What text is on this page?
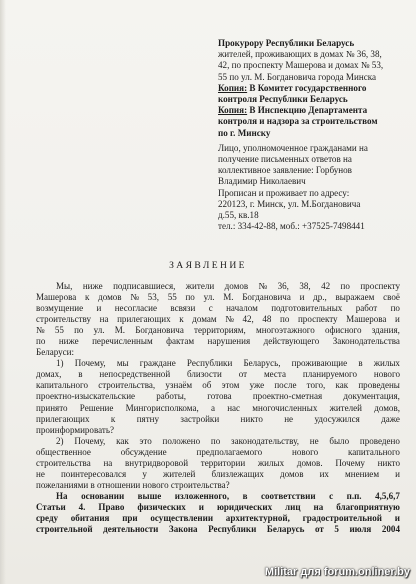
Прокурору Республики Беларусь
жителей, проживающих в домах № 36, 38,
42, по проспекту Машерова и домах № 53,
55 по ул. М. Богдановича города Минска
Копия: В Комитет государственного
контроля Республики Беларусь
Копия: В Инспекцию Департамента
контроля и надзора за строительством
по г. Минску
Лицо, уполномоченное гражданами на
получение письменных ответов на
коллективное заявление: Горбунов
Владимир Николаевич
Прописан и проживает по адресу:
220123, г. Минск, ул. М.Богдановича
д.55, кв.18
тел.: 334-42-88, моб.: +37525-7498441
ЗАЯВЛЕНИЕ
Мы, ниже подписавшиеся, жители домов № 36, 38, 42 по проспекту
Машерова к домов № 53, 55 по ул. М. Богдановича и др., выражаем своё
возмущение и несогласие всвязи с началом подготовительных работ по
строительству на прилегающих к домам № 42, 48 по проспекту Машерова и
№ 55 по ул. М. Богдановича территориям, многоэтажного офисного здания,
по ниже перечисленным фактам нарушения действующего Законодательства
Беларуси:
1) Почему, мы граждане Республики Беларусь, проживающие в жилых
домах, в непосредственной близости от места планируемого нового
капитального строительства, узнаём об этом уже после того, как проведены
проектно-изыскательские работы, готова проектно-сметная документация,
принято Решение Мингорисполкома, а нас многочисленных жителей домов,
прилегающих к пятну застройки никто не удосужился даже
проинформировать?
2) Почему, как это положено по законодательству, не было проведено
общественное	обсуждение	предполагаемого	нового	капитального
строительства на внутридворовой территории жилых домов. Почему никто
не поинтересовался у жителей близлежащих домов их мнением и
пожеланиями в отношении нового строительства?
На основании выше изложенного, в соответствии с п.п. 4,5,6,7
Статьи 4. Право физических и юридических лиц на благоприятную
среду обитания при осуществлении архитектурной, градостроительной и
строительной деятельности Закона Республики Беларусь от 5 июля 2004
Militar для forum.onliner.by
